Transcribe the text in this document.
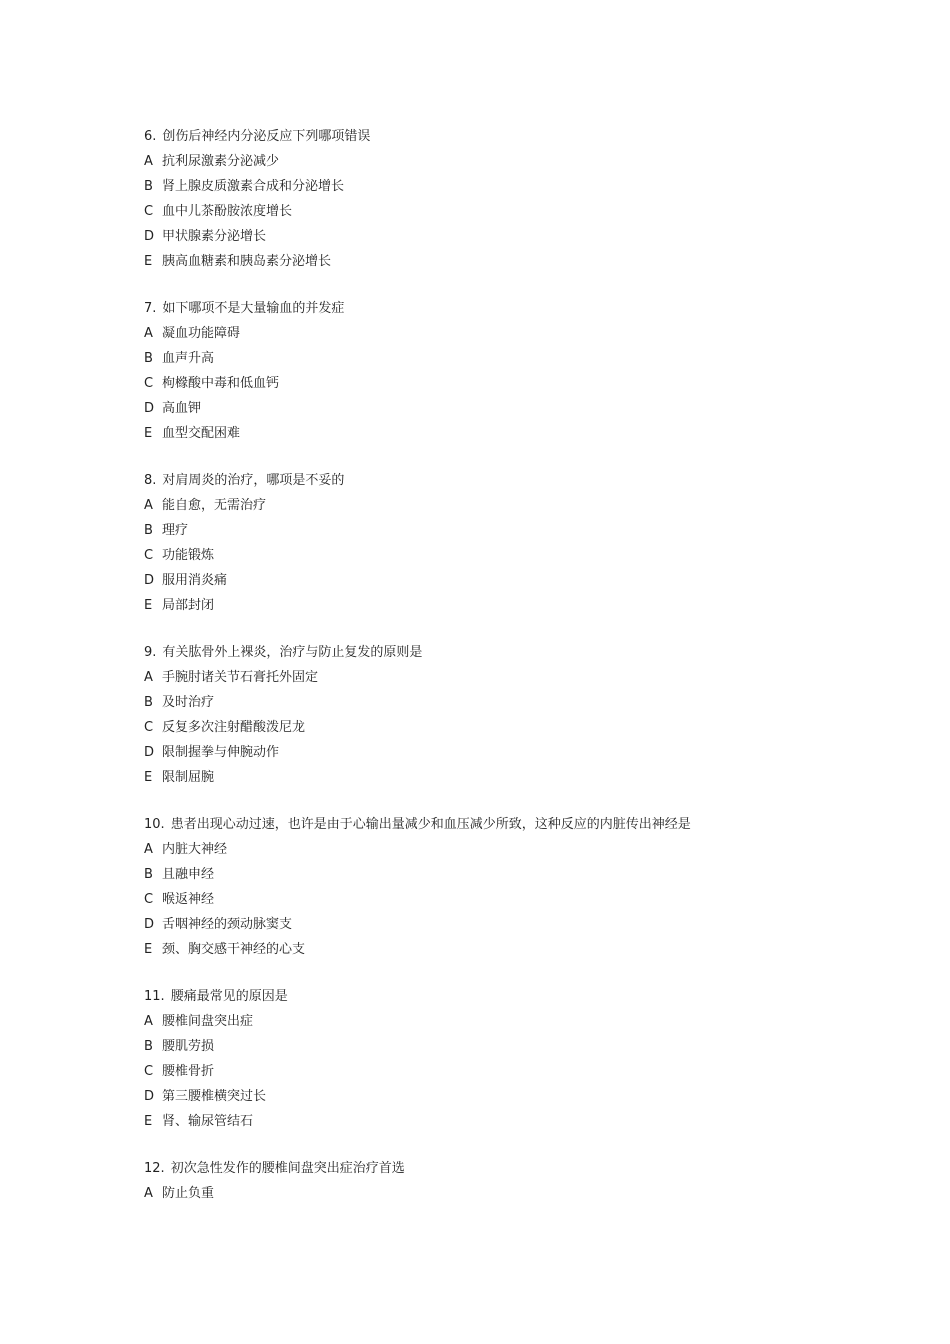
6. 创伤后神经内分泌反应下列哪项错误
A 抗利尿激素分泌减少
B 肾上腺皮质激素合成和分泌增长
C 血中儿茶酚胺浓度增长
D 甲状腺素分泌增长
E 胰高血糖素和胰岛素分泌增长
7. 如下哪项不是大量输血的并发症
A 凝血功能障碍
B 血声升高
C 枸橼酸中毒和低血钙
D 高血钾
E 血型交配困难
8. 对肩周炎的治疗，哪项是不妥的
A 能自愈，无需治疗
B 理疗
C 功能锻炼
D 服用消炎痛
E 局部封闭
9. 有关肱骨外上裸炎，治疗与防止复发的原则是
A 手腕肘诸关节石膏托外固定
B 及时治疗
C 反复多次注射醋酸泼尼龙
D 限制握拳与伸腕动作
E 限制屈腕
10. 患者出现心动过速，也许是由于心输出量减少和血压减少所致，这种反应的内脏传出神经是
A 内脏大神经
B 且融申经
C 喉返神经
D 舌咽神经的颈动脉窦支
E 颈、胸交感干神经的心支
11. 腰痛最常见的原因是
A 腰椎间盘突出症
B 腰肌劳损
C 腰椎骨折
D 第三腰椎横突过长
E 肾、输尿管结石
12. 初次急性发作的腰椎间盘突出症治疗首选
A 防止负重
